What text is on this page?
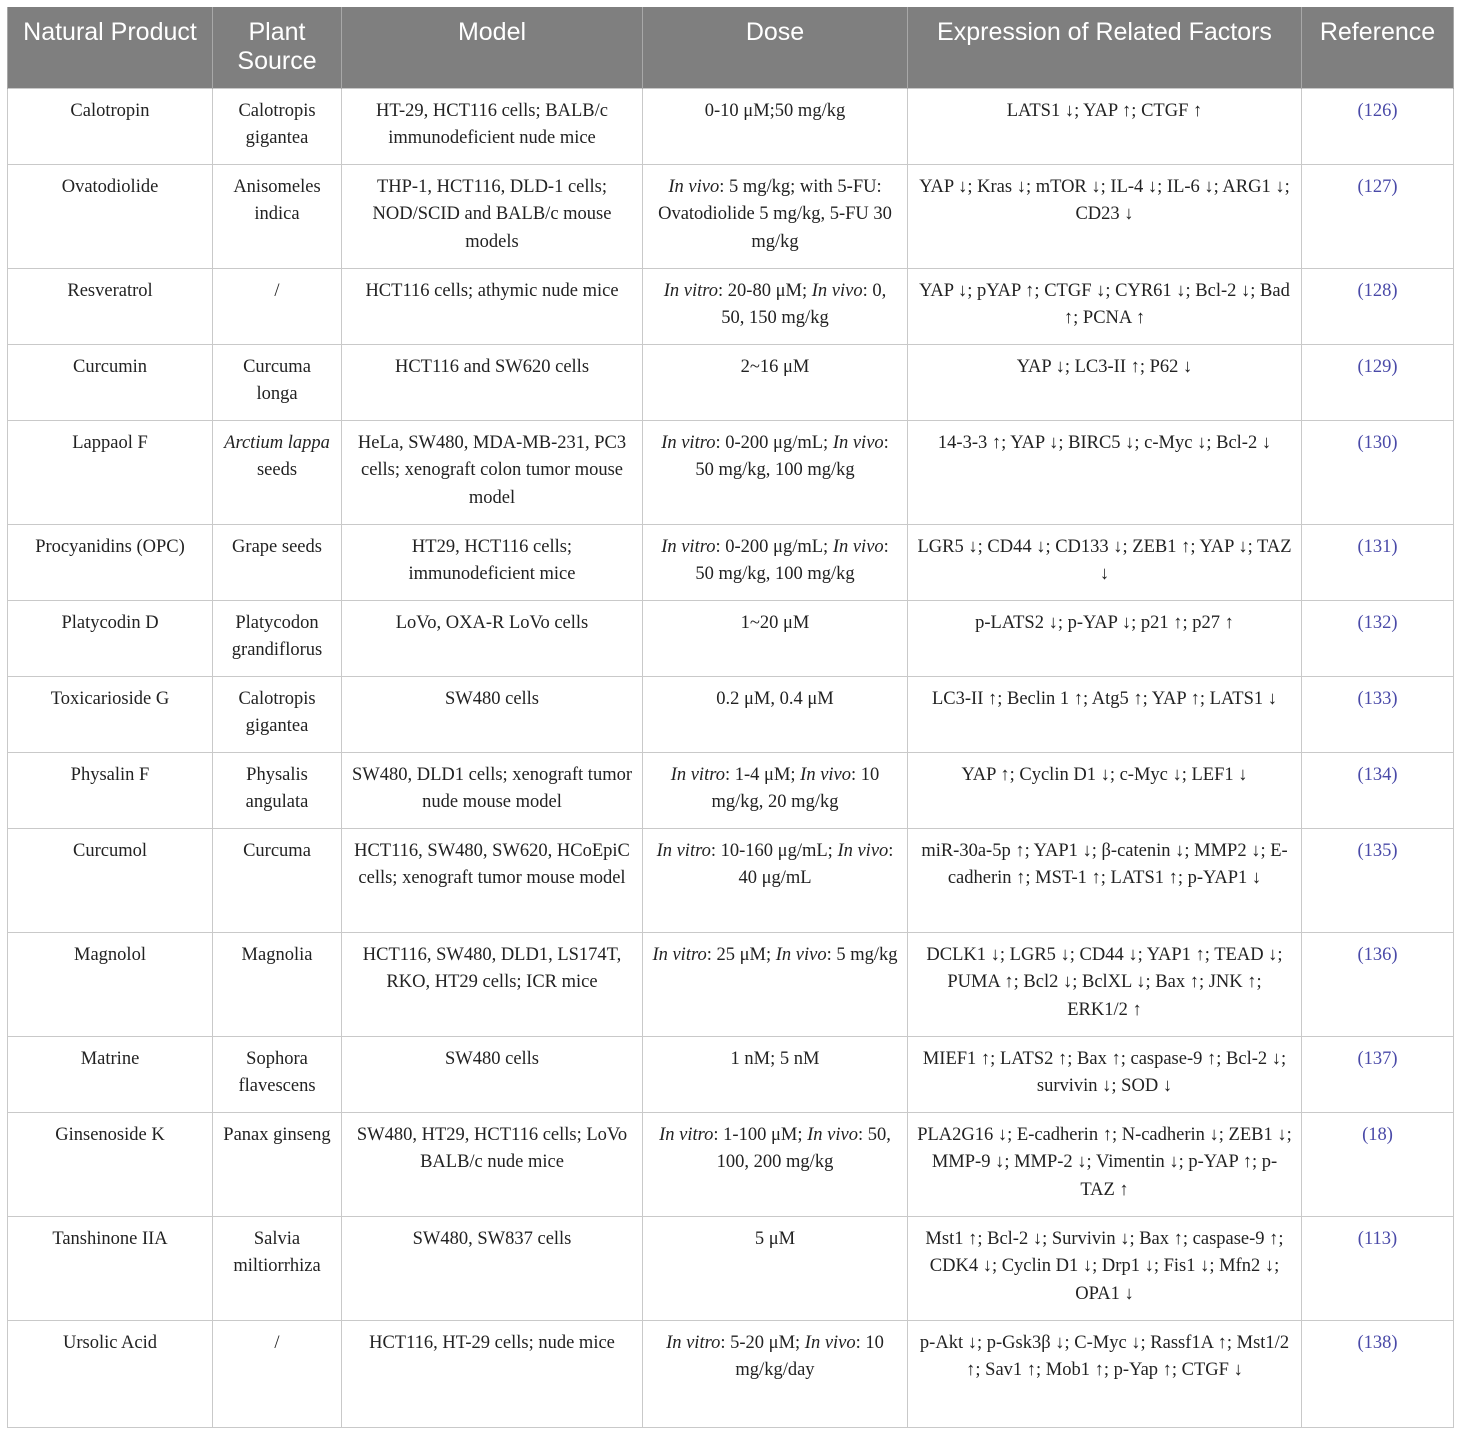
Natural Product	Plant Source	Model	Dose	Expression of Related Factors	Reference
Calotropin	Calotropis gigantea	HT-29, HCT116 cells; BALB/c immunodeficient nude mice	0-10 μM;50 mg/kg	LATS1 ↓; YAP ↑; CTGF ↑	(126)
Ovatodiolide	Anisomeles indica	THP-1, HCT116, DLD-1 cells; NOD/SCID and BALB/c mouse models	In vivo: 5 mg/kg; with 5-FU: Ovatodiolide 5 mg/kg, 5-FU 30 mg/kg	YAP ↓; Kras ↓; mTOR ↓; IL-4 ↓; IL-6 ↓; ARG1 ↓; CD23 ↓	(127)
Resveratrol	/	HCT116 cells; athymic nude mice	In vitro: 20-80 μM; In vivo: 0, 50, 150 mg/kg	YAP ↓; pYAP ↑; CTGF ↓; CYR61 ↓; Bcl-2 ↓; Bad ↑; PCNA ↑	(128)
Curcumin	Curcuma longa	HCT116 and SW620 cells	2~16 μM	YAP ↓; LC3-II ↑; P62 ↓	(129)
Lappaol F	Arctium lappa seeds	HeLa, SW480, MDA-MB-231, PC3 cells; xenograft colon tumor mouse model	In vitro: 0-200 μg/mL; In vivo: 50 mg/kg, 100 mg/kg	14-3-3 ↑; YAP ↓; BIRC5 ↓; c-Myc ↓; Bcl-2 ↓	(130)
Procyanidins (OPC)	Grape seeds	HT29, HCT116 cells; immunodeficient mice	In vitro: 0-200 μg/mL; In vivo: 50 mg/kg, 100 mg/kg	LGR5 ↓; CD44 ↓; CD133 ↓; ZEB1 ↑; YAP ↓; TAZ ↓	(131)
Platycodin D	Platycodon grandiflorus	LoVo, OXA-R LoVo cells	1~20 μM	p-LATS2 ↓; p-YAP ↓; p21 ↑; p27 ↑	(132)
Toxicarioside G	Calotropis gigantea	SW480 cells	0.2 μM, 0.4 μM	LC3-II ↑; Beclin 1 ↑; Atg5 ↑; YAP ↑; LATS1 ↓	(133)
Physalin F	Physalis angulata	SW480, DLD1 cells; xenograft tumor nude mouse model	In vitro: 1-4 μM; In vivo: 10 mg/kg, 20 mg/kg	YAP ↑; Cyclin D1 ↓; c-Myc ↓; LEF1 ↓	(134)
Curcumol	Curcuma	HCT116, SW480, SW620, HCoEpiC cells; xenograft tumor mouse model	In vitro: 10-160 μg/mL; In vivo: 40 μg/mL	miR-30a-5p ↑; YAP1 ↓; β-catenin ↓; MMP2 ↓; E-cadherin ↑; MST-1 ↑; LATS1 ↑; p-YAP1 ↓	(135)
Magnolol	Magnolia	HCT116, SW480, DLD1, LS174T, RKO, HT29 cells; ICR mice	In vitro: 25 μM; In vivo: 5 mg/kg	DCLK1 ↓; LGR5 ↓; CD44 ↓; YAP1 ↑; TEAD ↓; PUMA ↑; Bcl2 ↓; BclXL ↓; Bax ↑; JNK ↑; ERK1/2 ↑	(136)
Matrine	Sophora flavescens	SW480 cells	1 nM; 5 nM	MIEF1 ↑; LATS2 ↑; Bax ↑; caspase-9 ↑; Bcl-2 ↓; survivin ↓; SOD ↓	(137)
Ginsenoside K	Panax ginseng	SW480, HT29, HCT116 cells; LoVo BALB/c nude mice	In vitro: 1-100 μM; In vivo: 50, 100, 200 mg/kg	PLA2G16 ↓; E-cadherin ↑; N-cadherin ↓; ZEB1 ↓; MMP-9 ↓; MMP-2 ↓; Vimentin ↓; p-YAP ↑; p-TAZ ↑	(18)
Tanshinone IIA	Salvia miltiorrhiza	SW480, SW837 cells	5 μM	Mst1 ↑; Bcl-2 ↓; Survivin ↓; Bax ↑; caspase-9 ↑; CDK4 ↓; Cyclin D1 ↓; Drp1 ↓; Fis1 ↓; Mfn2 ↓; OPA1 ↓	(113)
Ursolic Acid	/	HCT116, HT-29 cells; nude mice	In vitro: 5-20 μM; In vivo: 10 mg/kg/day	p-Akt ↓; p-Gsk3β ↓; C-Myc ↓; Rassf1A ↑; Mst1/2 ↑; Sav1 ↑; Mob1 ↑; p-Yap ↑; CTGF ↓	(138)
